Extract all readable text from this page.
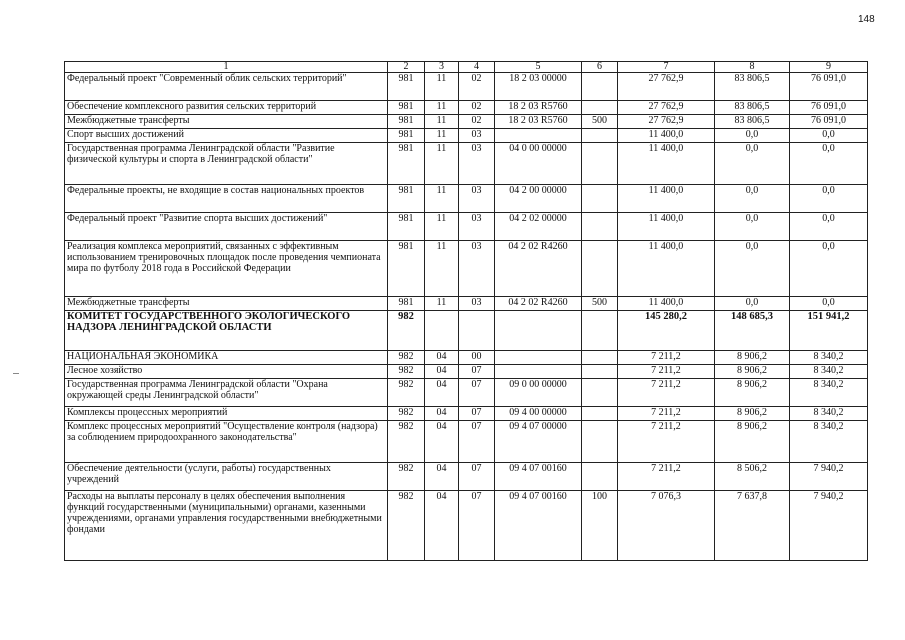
148
1	2	3	4	5	6	7	8	9
Федеральный проект "Современный облик сельских территорий"	981	11	02	18 2 03 00000		27 762,9	83 806,5	76 091,0
Обеспечение комплексного развития сельских территорий	981	11	02	18 2 03 R5760		27 762,9	83 806,5	76 091,0
Межбюджетные трансферты	981	11	02	18 2 03 R5760	500	27 762,9	83 806,5	76 091,0
Спорт высших достижений	981	11	03			11 400,0	0,0	0,0
Государственная программа Ленинградской области "Развитие физической культуры и спорта в Ленинградской области"	981	11	03	04 0 00 00000		11 400,0	0,0	0,0
Федеральные проекты, не входящие в состав национальных проектов	981	11	03	04 2 00 00000		11 400,0	0,0	0,0
Федеральный проект "Развитие спорта высших достижений"	981	11	03	04 2 02 00000		11 400,0	0,0	0,0
Реализация комплекса мероприятий, связанных с эффективным использованием тренировочных площадок после проведения чемпионата мира по футболу 2018 года в Российской Федерации	981	11	03	04 2 02 R4260		11 400,0	0,0	0,0
Межбюджетные трансферты	981	11	03	04 2 02 R4260	500	11 400,0	0,0	0,0
КОМИТЕТ ГОСУДАРСТВЕННОГО ЭКОЛОГИЧЕСКОГО НАДЗОРА ЛЕНИНГРАДСКОЙ ОБЛАСТИ	982					145 280,2	148 685,3	151 941,2
НАЦИОНАЛЬНАЯ ЭКОНОМИКА	982	04	00			7 211,2	8 906,2	8 340,2
Лесное хозяйство	982	04	07			7 211,2	8 906,2	8 340,2
Государственная программа Ленинградской области "Охрана окружающей среды Ленинградской области"	982	04	07	09 0 00 00000		7 211,2	8 906,2	8 340,2
Комплексы процессных мероприятий	982	04	07	09 4 00 00000		7 211,2	8 906,2	8 340,2
Комплекс процессных мероприятий "Осуществление контроля (надзора) за соблюдением природоохранного законодательства"	982	04	07	09 4 07 00000		7 211,2	8 906,2	8 340,2
Обеспечение деятельности (услуги, работы) государственных учреждений	982	04	07	09 4 07 00160		7 211,2	8 506,2	7 940,2
Расходы на выплаты персоналу в целях обеспечения выполнения функций государственными (муниципальными) органами, казенными учреждениями, органами управления государственными внебюджетными фондами	982	04	07	09 4 07 00160	100	7 076,3	7 637,8	7 940,2
